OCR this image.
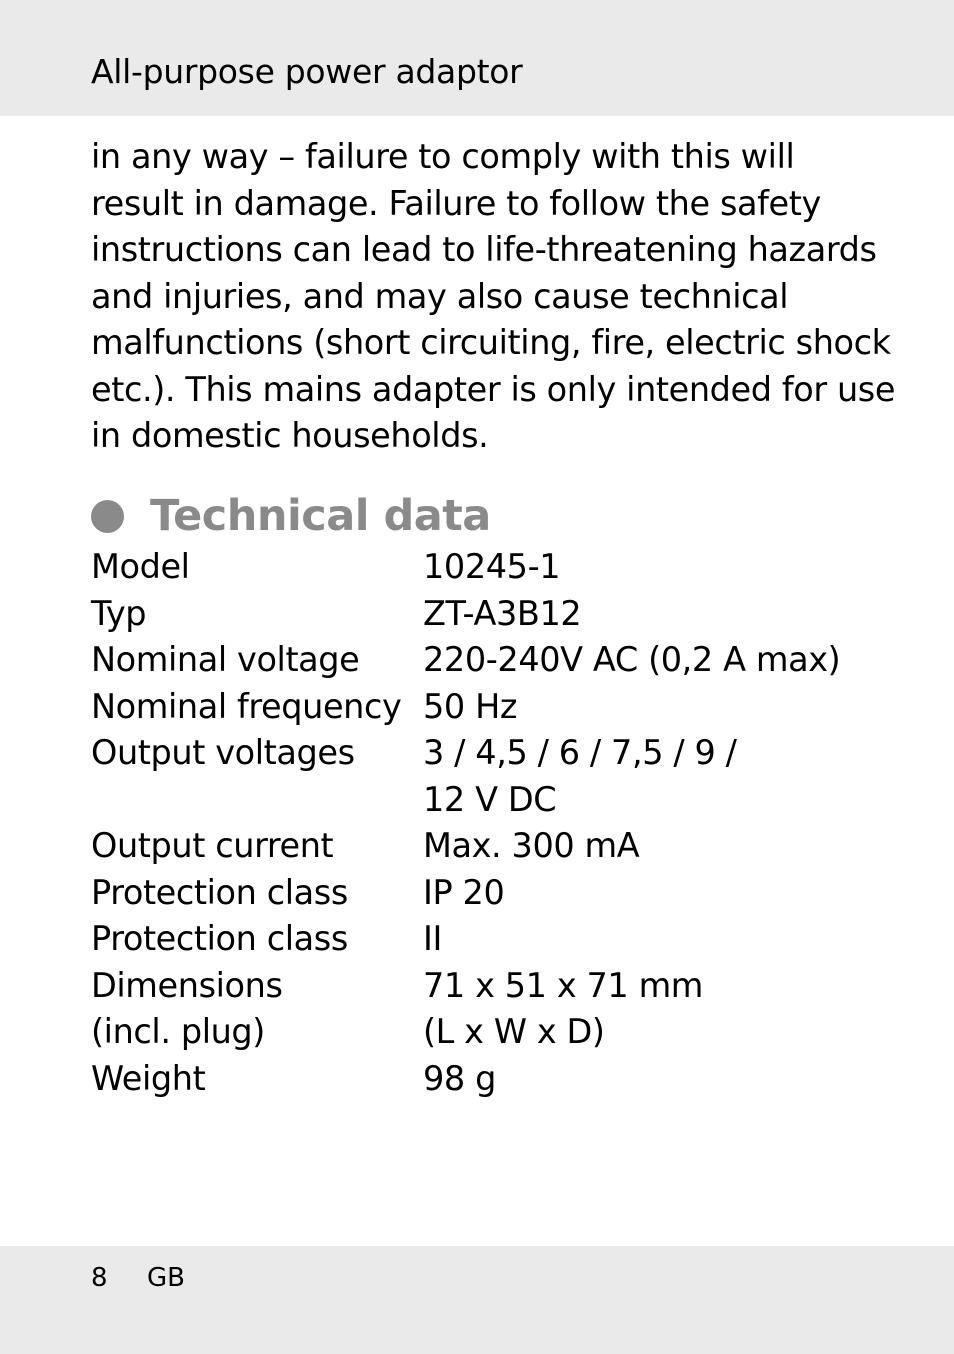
All-purpose power adaptor
in any way – failure to comply with this will
result in damage. Failure to follow the safety
instructions can lead to life-threatening hazards
and injuries, and may also cause technical
malfunctions (short circuiting, fire, electric shock
etc.). This mains adapter is only intended for use
in domestic households.
Technical data
Model	10245-1
Typ	ZT-A3B12
Nominal voltage	220-240V AC (0,2 A max)
Nominal frequency 50 Hz
Output voltages	3 / 4,5 / 6 / 7,5 / 9 /
12 V DC
Output current	Max. 300 mA
Protection class	IP 20
Protection class	II
Dimensions	71 x 51 x 71 mm
(incl. plug)	(L x W x D)
Weight	98 g
8 GB
